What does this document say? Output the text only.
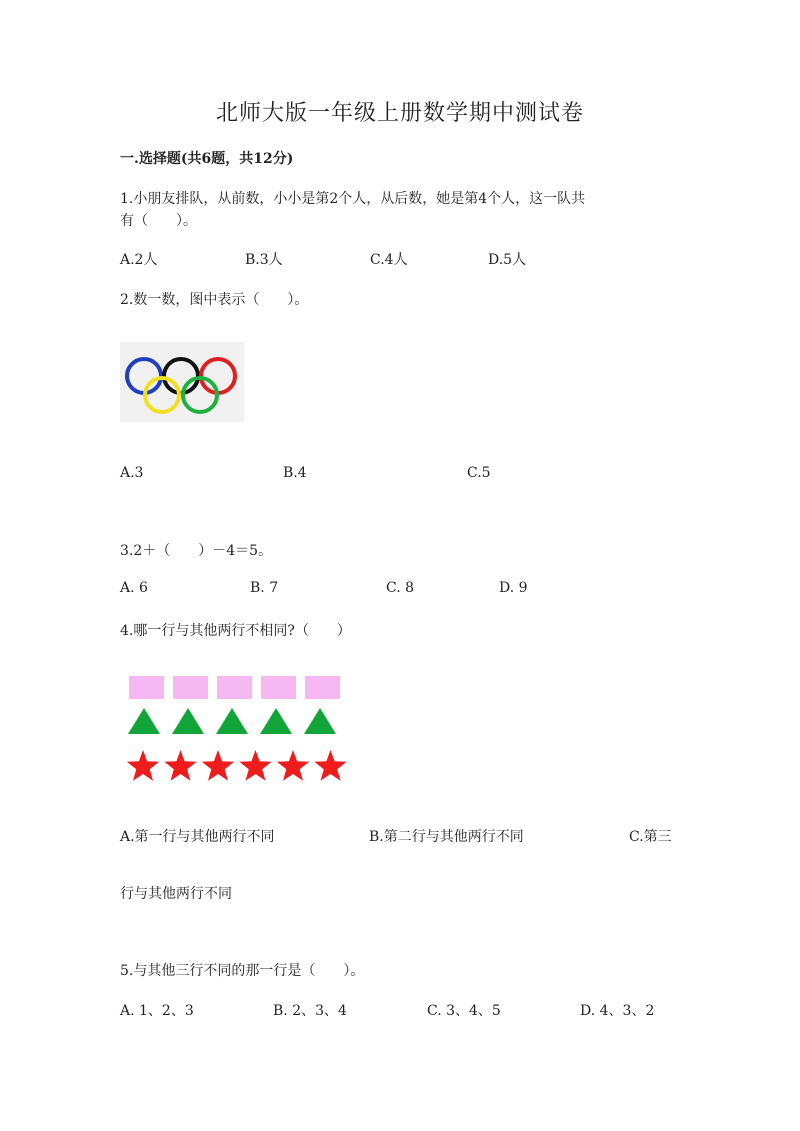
北师大版一年级上册数学期中测试卷
一.选择题(共6题，共12分)
1.小朋友排队，从前数，小小是第2个人，从后数，她是第4个人，这一队共
有（　　）。
A.2人	B.3人	C.4人	D.5人
2.数一数，图中表示（　　）。
A.3	B.4	C.5
3.2＋（　　）－4＝5。
A. 6	B. 7	C. 8	D. 9
4.哪一行与其他两行不相同?（　　）
A.第一行与其他两行不同	B.第二行与其他两行不同	C.第三
行与其他两行不同
5.与其他三行不同的那一行是（　　）。
A. 1、2、3	B. 2、3、4	C. 3、4、5	D. 4、3、2
